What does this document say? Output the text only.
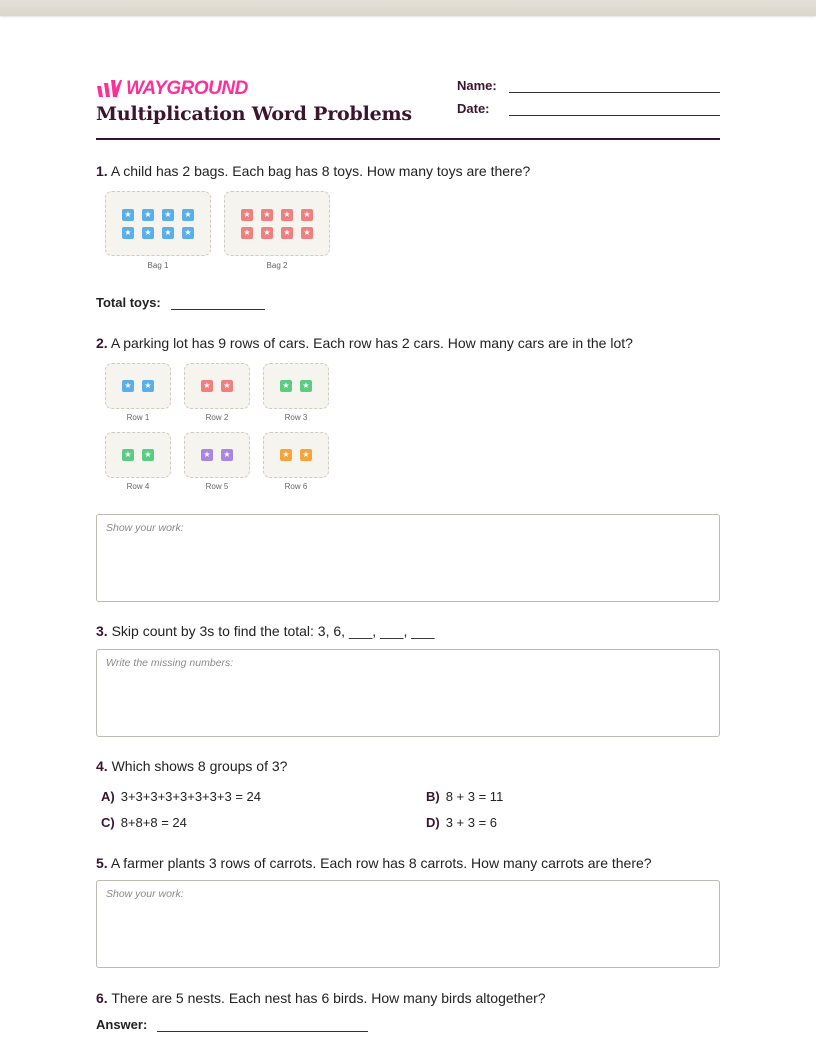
WAYGROUND
Multiplication Word Problems
Name:
Date:
1. A child has 2 bags. Each bag has 8 toys. How many toys are there?
★	★	★	★
★	★	★	★
Bag 1
★	★	★	★
★	★	★	★
Bag 2
Total toys:
2. A parking lot has 9 rows of cars. Each row has 2 cars. How many cars are in the lot?
★	★
Row 1
★	★
Row 2
★	★
Row 3
★	★
Row 4
★	★
Row 5
★	★
Row 6
Show your work:
3. Skip count by 3s to find the total: 3, 6, ___, ___, ___
Write the missing numbers:
4. Which shows 8 groups of 3?
A) 3+3+3+3+3+3+3+3 = 24	B) 8 + 3 = 11
C) 8+8+8 = 24	D) 3 + 3 = 6
5. A farmer plants 3 rows of carrots. Each row has 8 carrots. How many carrots are there?
Show your work:
6. There are 5 nests. Each nest has 6 birds. How many birds altogether?
Answer:
